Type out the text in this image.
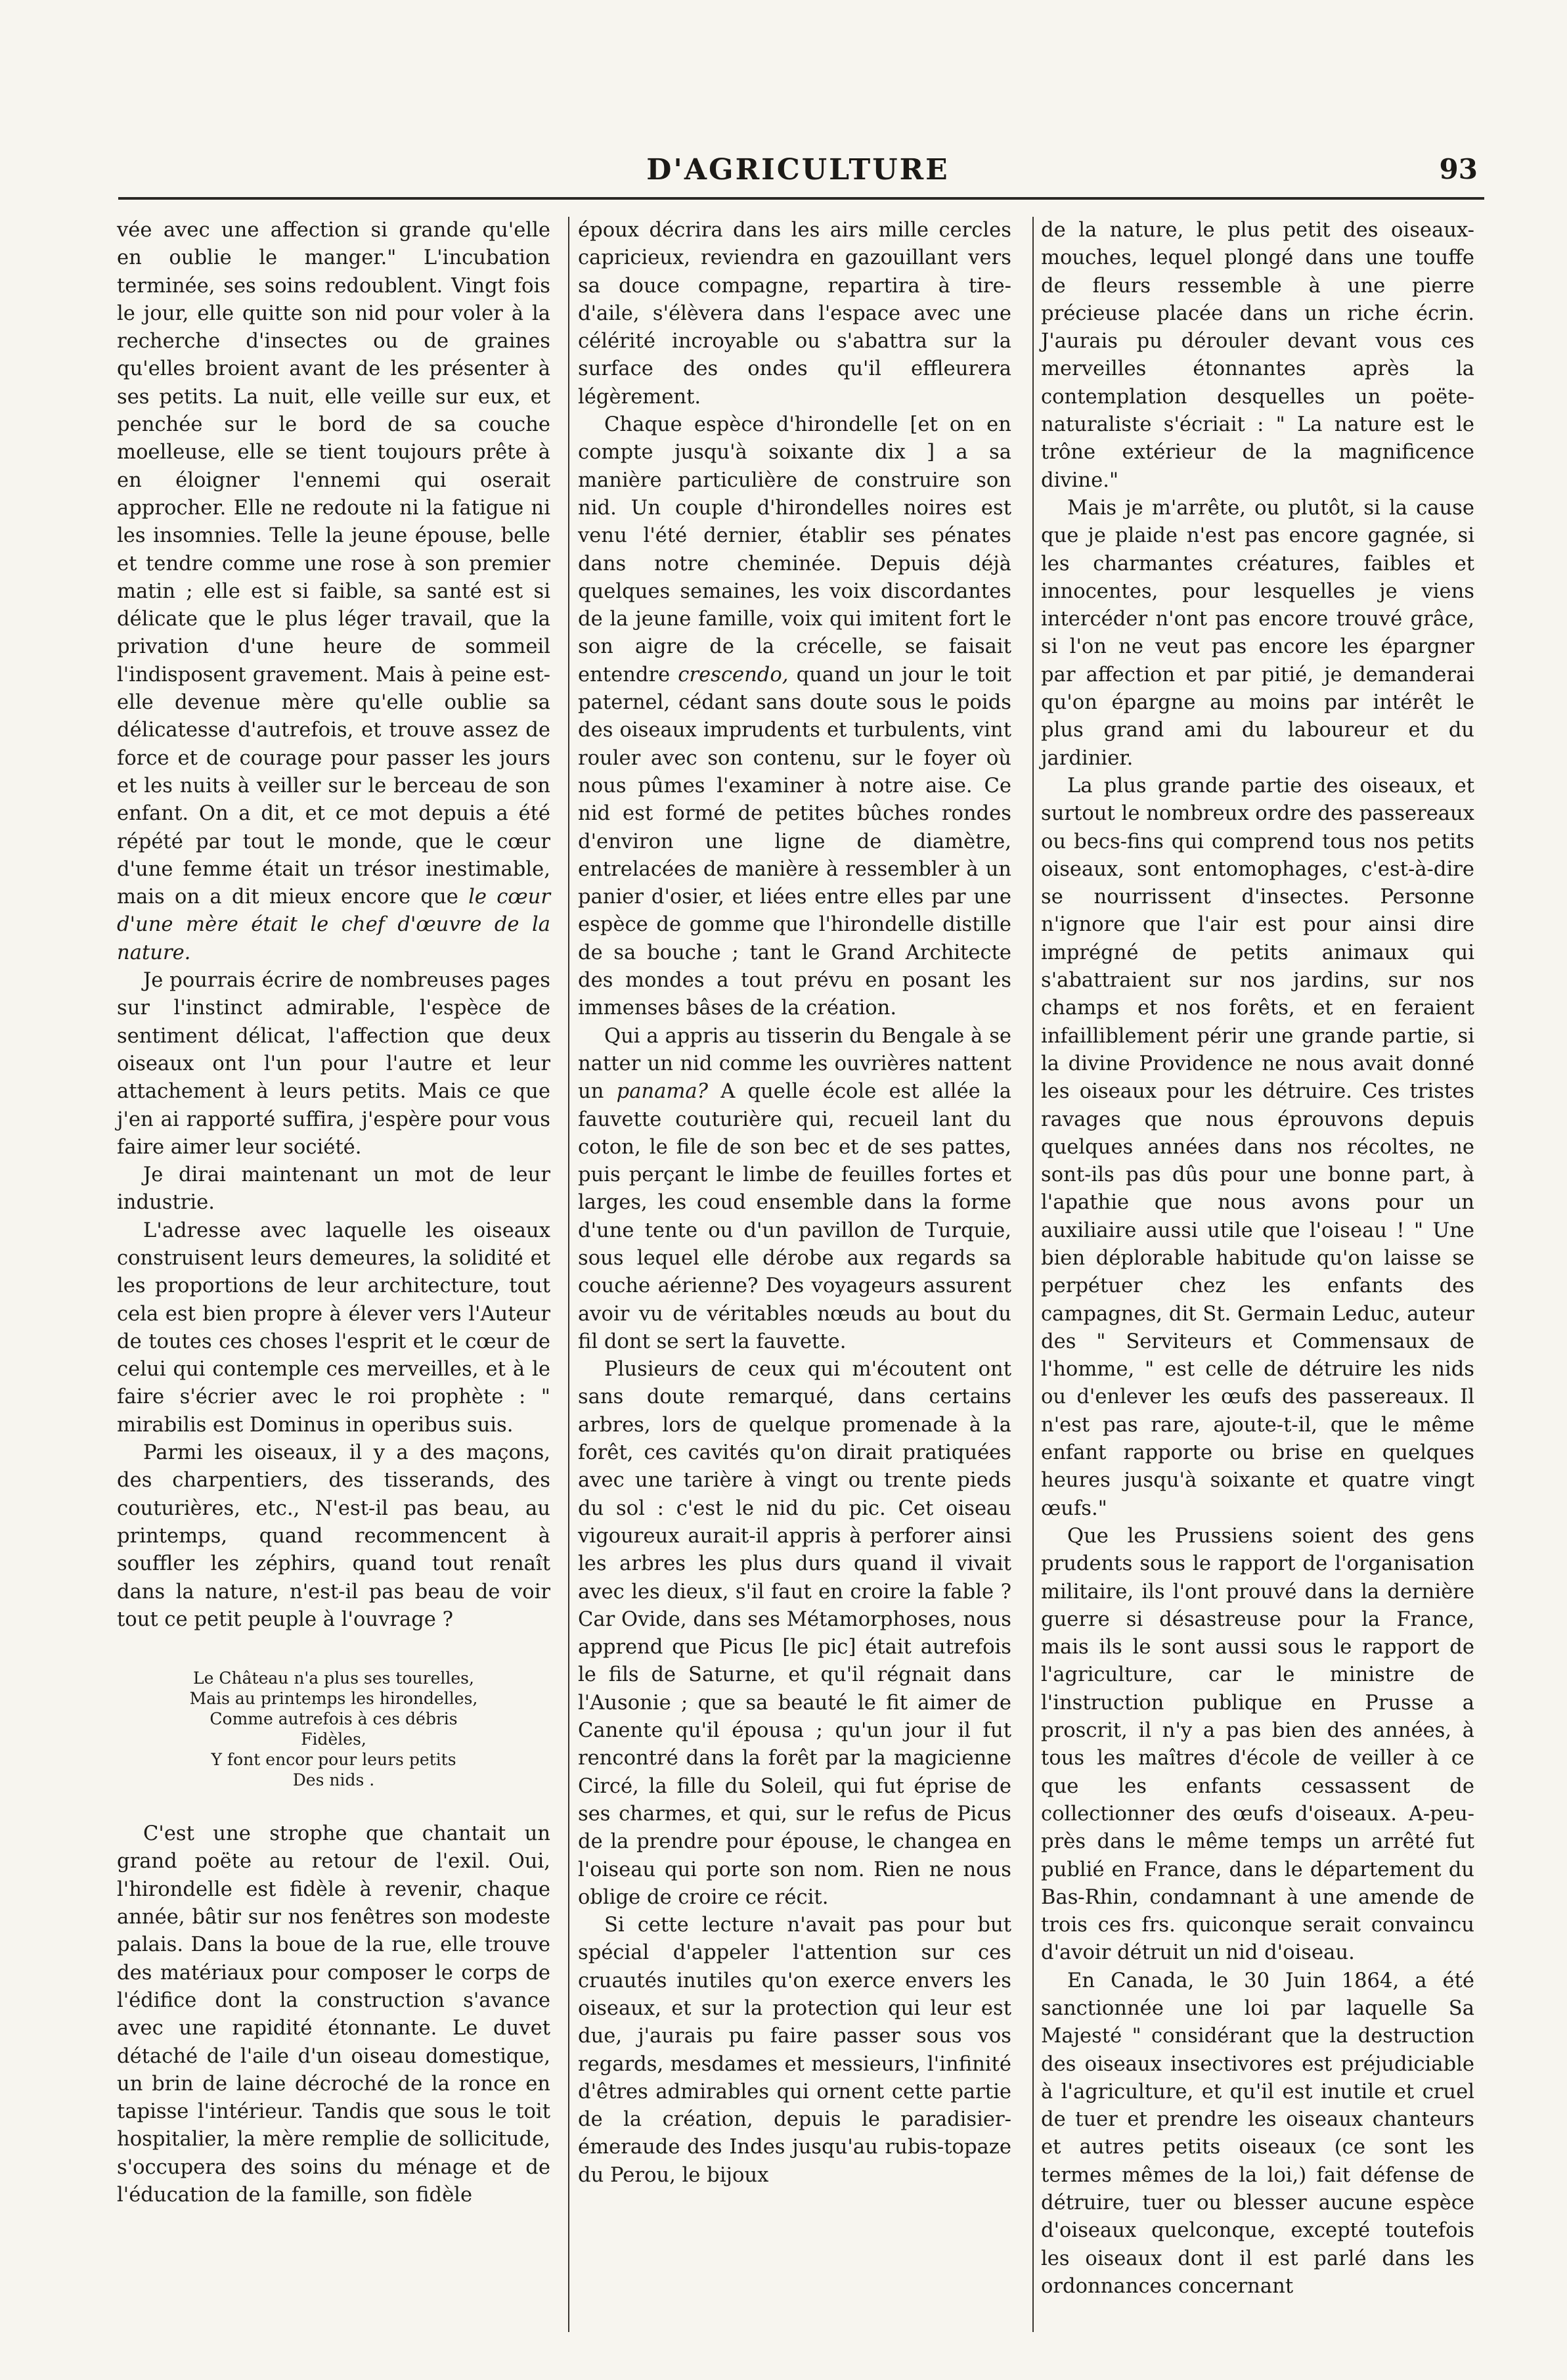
D'AGRICULTURE	93

vée avec une affection si grande qu'elle en oublie le manger." L'incubation terminée, ses soins redoublent. Vingt fois le jour, elle quitte son nid pour voler à la recherche d'insectes ou de graines qu'elles broient avant de les présenter à ses petits. La nuit, elle veille sur eux, et penchée sur le bord de sa couche moelleuse, elle se tient toujours prête à en éloigner l'ennemi qui oserait approcher. Elle ne redoute ni la fatigue ni les insomnies. Telle la jeune épouse, belle et tendre comme une rose à son premier matin ; elle est si faible, sa santé est si délicate que le plus léger travail, que la privation d'une heure de sommeil l'indisposent gravement. Mais à peine est-elle devenue mère qu'elle oublie sa délicatesse d'autrefois, et trouve assez de force et de courage pour passer les jours et les nuits à veiller sur le berceau de son enfant. On a dit, et ce mot depuis a été répété par tout le monde, que le cœur d'une femme était un trésor inestimable, mais on a dit mieux encore que le cœur d'une mère était le chef d'œuvre de la nature.

Je pourrais écrire de nombreuses pages sur l'instinct admirable, l'espèce de sentiment délicat, l'affection que deux oiseaux ont l'un pour l'autre et leur attachement à leurs petits. Mais ce que j'en ai rapporté suffira, j'espère pour vous faire aimer leur société.

Je dirai maintenant un mot de leur industrie.

L'adresse avec laquelle les oiseaux construisent leurs demeures, la solidité et les proportions de leur architecture, tout cela est bien propre à élever vers l'Auteur de toutes ces choses l'esprit et le cœur de celui qui contemple ces merveilles, et à le faire s'écrier avec le roi prophète : " mirabilis est Dominus in operibus suis.

Parmi les oiseaux, il y a des maçons, des charpentiers, des tisserands, des couturières, etc., N'est-il pas beau, au printemps, quand recommencent à souffler les zéphirs, quand tout renaît dans la nature, n'est-il pas beau de voir tout ce petit peuple à l'ouvrage ?

Le Château n'a plus ses tourelles,
Mais au printemps les hirondelles,
Comme autrefois à ces débris
Fidèles,
Y font encor pour leurs petits
Des nids .

C'est une strophe que chantait un grand poëte au retour de l'exil. Oui, l'hirondelle est fidèle à revenir, chaque année, bâtir sur nos fenêtres son modeste palais. Dans la boue de la rue, elle trouve des matériaux pour composer le corps de l'édifice dont la construction s'avance avec une rapidité étonnante. Le duvet détaché de l'aile d'un oiseau domestique, un brin de laine décroché de la ronce en tapisse l'intérieur. Tandis que sous le toit hospitalier, la mère remplie de sollicitude, s'occupera des soins du ménage et de l'éducation de la famille, son fidèle

époux décrira dans les airs mille cercles capricieux, reviendra en gazouillant vers sa douce compagne, repartira à tire-d'aile, s'élèvera dans l'espace avec une célérité incroyable ou s'abattra sur la surface des ondes qu'il effleurera légèrement.

Chaque espèce d'hirondelle [et on en compte jusqu'à soixante dix ] a sa manière particulière de construire son nid. Un couple d'hirondelles noires est venu l'été dernier, établir ses pénates dans notre cheminée. Depuis déjà quelques semaines, les voix discordantes de la jeune famille, voix qui imitent fort le son aigre de la crécelle, se faisait entendre crescendo, quand un jour le toit paternel, cédant sans doute sous le poids des oiseaux imprudents et turbulents, vint rouler avec son contenu, sur le foyer où nous pûmes l'examiner à notre aise. Ce nid est formé de petites bûches rondes d'environ une ligne de diamètre, entrelacées de manière à ressembler à un panier d'osier, et liées entre elles par une espèce de gomme que l'hirondelle distille de sa bouche ; tant le Grand Architecte des mondes a tout prévu en posant les immenses bâses de la création.

Qui a appris au tisserin du Bengale à se natter un nid comme les ouvrières nattent un panama? A quelle école est allée la fauvette couturière qui, recueil lant du coton, le file de son bec et de ses pattes, puis perçant le limbe de feuilles fortes et larges, les coud ensemble dans la forme d'une tente ou d'un pavillon de Turquie, sous lequel elle dérobe aux regards sa couche aérienne? Des voyageurs assurent avoir vu de véritables nœuds au bout du fil dont se sert la fauvette.

Plusieurs de ceux qui m'écoutent ont sans doute remarqué, dans certains arbres, lors de quelque promenade à la forêt, ces cavités qu'on dirait pratiquées avec une tarière à vingt ou trente pieds du sol : c'est le nid du pic. Cet oiseau vigoureux aurait-il appris à perforer ainsi les arbres les plus durs quand il vivait avec les dieux, s'il faut en croire la fable ? Car Ovide, dans ses Métamorphoses, nous apprend que Picus [le pic] était autrefois le fils de Saturne, et qu'il régnait dans l'Ausonie ; que sa beauté le fit aimer de Canente qu'il épousa ; qu'un jour il fut rencontré dans la forêt par la magicienne Circé, la fille du Soleil, qui fut éprise de ses charmes, et qui, sur le refus de Picus de la prendre pour épouse, le changea en l'oiseau qui porte son nom. Rien ne nous oblige de croire ce récit.

Si cette lecture n'avait pas pour but spécial d'appeler l'attention sur ces cruautés inutiles qu'on exerce envers les oiseaux, et sur la protection qui leur est due, j'aurais pu faire passer sous vos regards, mesdames et messieurs, l'infinité d'êtres admirables qui ornent cette partie de la création, depuis le paradisier-émeraude des Indes jusqu'au rubis-topaze du Perou, le bijoux

de la nature, le plus petit des oiseaux-mouches, lequel plongé dans une touffe de fleurs ressemble à une pierre précieuse placée dans un riche écrin. J'aurais pu dérouler devant vous ces merveilles étonnantes après la contemplation desquelles un poëte-naturaliste s'écriait : " La nature est le trône extérieur de la magnificence divine."

Mais je m'arrête, ou plutôt, si la cause que je plaide n'est pas encore gagnée, si les charmantes créatures, faibles et innocentes, pour lesquelles je viens intercéder n'ont pas encore trouvé grâce, si l'on ne veut pas encore les épargner par affection et par pitié, je demanderai qu'on épargne au moins par intérêt le plus grand ami du laboureur et du jardinier.

La plus grande partie des oiseaux, et surtout le nombreux ordre des passereaux ou becs-fins qui comprend tous nos petits oiseaux, sont entomophages, c'est-à-dire se nourrissent d'insectes. Personne n'ignore que l'air est pour ainsi dire imprégné de petits animaux qui s'abattraient sur nos jardins, sur nos champs et nos forêts, et en feraient infailliblement périr une grande partie, si la divine Providence ne nous avait donné les oiseaux pour les détruire. Ces tristes ravages que nous éprouvons depuis quelques années dans nos récoltes, ne sont-ils pas dûs pour une bonne part, à l'apathie que nous avons pour un auxiliaire aussi utile que l'oiseau ! " Une bien déplorable habitude qu'on laisse se perpétuer chez les enfants des campagnes, dit St. Germain Leduc, auteur des " Serviteurs et Commensaux de l'homme, " est celle de détruire les nids ou d'enlever les œufs des passereaux. Il n'est pas rare, ajoute-t-il, que le même enfant rapporte ou brise en quelques heures jusqu'à soixante et quatre vingt œufs."

Que les Prussiens soient des gens prudents sous le rapport de l'organisation militaire, ils l'ont prouvé dans la dernière guerre si désastreuse pour la France, mais ils le sont aussi sous le rapport de l'agriculture, car le ministre de l'instruction publique en Prusse a proscrit, il n'y a pas bien des années, à tous les maîtres d'école de veiller à ce que les enfants cessassent de collectionner des œufs d'oiseaux. A-peu-près dans le même temps un arrêté fut publié en France, dans le département du Bas-Rhin, condamnant à une amende de trois ces frs. quiconque serait convaincu d'avoir détruit un nid d'oiseau.

En Canada, le 30 Juin 1864, a été sanctionnée une loi par laquelle Sa Majesté " considérant que la destruction des oiseaux insectivores est préjudiciable à l'agriculture, et qu'il est inutile et cruel de tuer et prendre les oiseaux chanteurs et autres petits oiseaux (ce sont les termes mêmes de la loi,) fait défense de détruire, tuer ou blesser aucune espèce d'oiseaux quelconque, excepté toutefois les oiseaux dont il est parlé dans les ordonnances concernant
